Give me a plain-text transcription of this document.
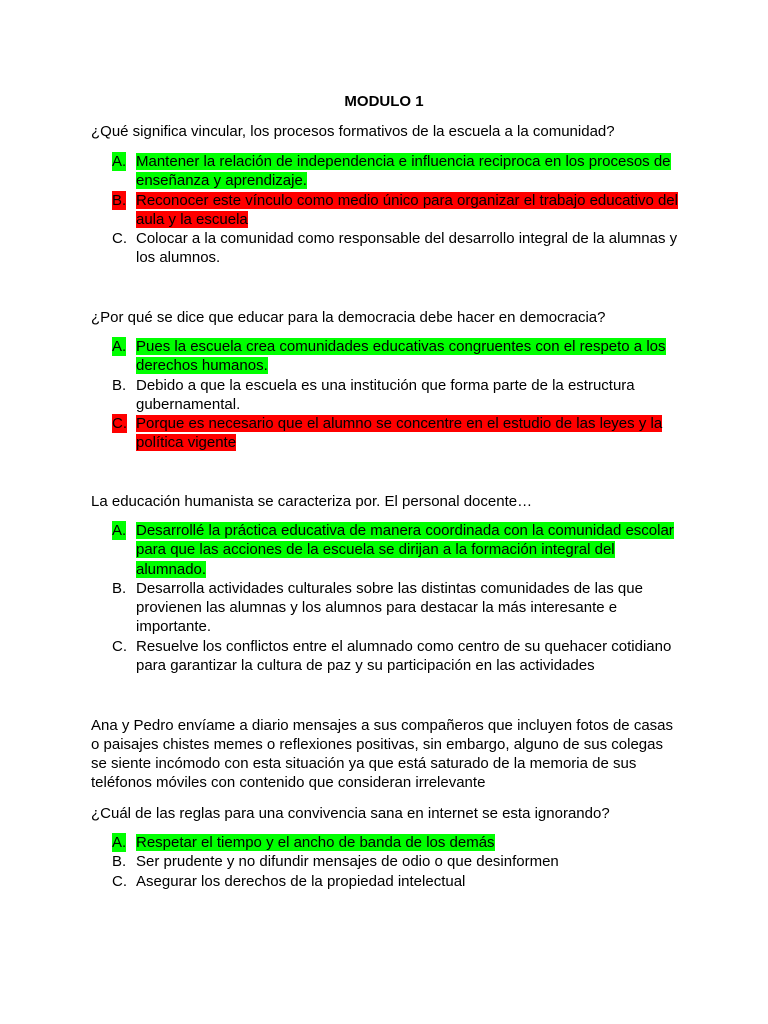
MODULO 1
¿Qué significa vincular, los procesos formativos de la escuela a la comunidad?
A. Mantener la relación de independencia e influencia reciproca en los procesos de enseñanza y aprendizaje.
B. Reconocer este vínculo como medio único para organizar el trabajo educativo del aula y la escuela
C. Colocar a la comunidad como responsable del desarrollo integral de la alumnas y los alumnos.
¿Por qué se dice que educar para la democracia debe hacer en democracia?
A. Pues la escuela crea comunidades educativas congruentes con el respeto a los derechos humanos.
B. Debido a que la escuela es una institución que forma parte de la estructura gubernamental.
C. Porque es necesario que el alumno se concentre en el estudio de las leyes y la política vigente
La educación humanista se caracteriza por. El personal docente…
A. Desarrollé la práctica educativa de manera coordinada con la comunidad escolar para que las acciones de la escuela se dirijan a la formación integral del alumnado.
B. Desarrolla actividades culturales sobre las distintas comunidades de las que provienen las alumnas y los alumnos para destacar la más interesante e importante.
C. Resuelve los conflictos entre el alumnado como centro de su quehacer cotidiano para garantizar la cultura de paz y su participación en las actividades
Ana y Pedro envíame a diario mensajes a sus compañeros que incluyen fotos de casas o paisajes chistes memes o reflexiones positivas, sin embargo, alguno de sus colegas se siente incómodo con esta situación ya que está saturado de la memoria de sus teléfonos móviles con contenido que consideran irrelevante
¿Cuál de las reglas para una convivencia sana en internet se esta ignorando?
A. Respetar el tiempo y el ancho de banda de los demás
B. Ser prudente y no difundir mensajes de odio o que desinformen
C. Asegurar los derechos de la propiedad intelectual
